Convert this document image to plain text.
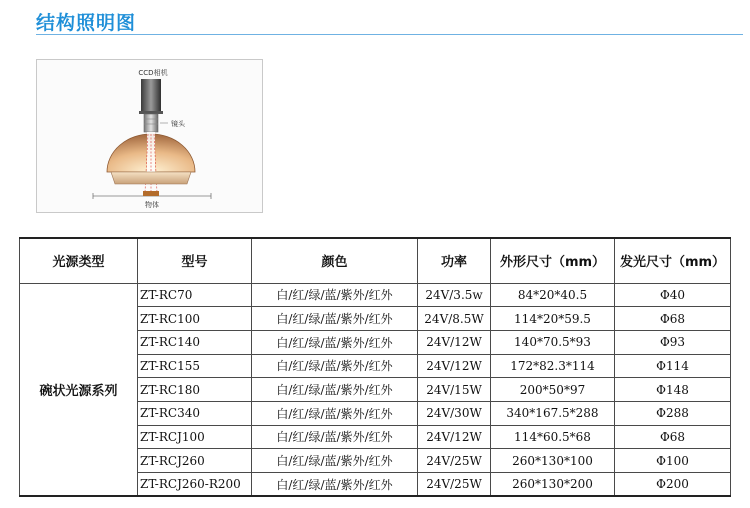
结构照明图
CCD相机
镜头
物体
光源类型	型号	颜色	功率	外形尺寸（mm）	发光尺寸（mm）
碗状光源系列	ZT-RC70	白/红/绿/蓝/紫外/红外	24V/3.5w	84*20*40.5	Φ40
	ZT-RC100	白/红/绿/蓝/紫外/红外	24V/8.5W	114*20*59.5	Φ68
	ZT-RC140	白/红/绿/蓝/紫外/红外	24V/12W	140*70.5*93	Φ93
	ZT-RC155	白/红/绿/蓝/紫外/红外	24V/12W	172*82.3*114	Φ114
	ZT-RC180	白/红/绿/蓝/紫外/红外	24V/15W	200*50*97	Φ148
	ZT-RC340	白/红/绿/蓝/紫外/红外	24V/30W	340*167.5*288	Φ288
	ZT-RCJ100	白/红/绿/蓝/紫外/红外	24V/12W	114*60.5*68	Φ68
	ZT-RCJ260	白/红/绿/蓝/紫外/红外	24V/25W	260*130*100	Φ100
	ZT-RCJ260-R200	白/红/绿/蓝/紫外/红外	24V/25W	260*130*200	Φ200
